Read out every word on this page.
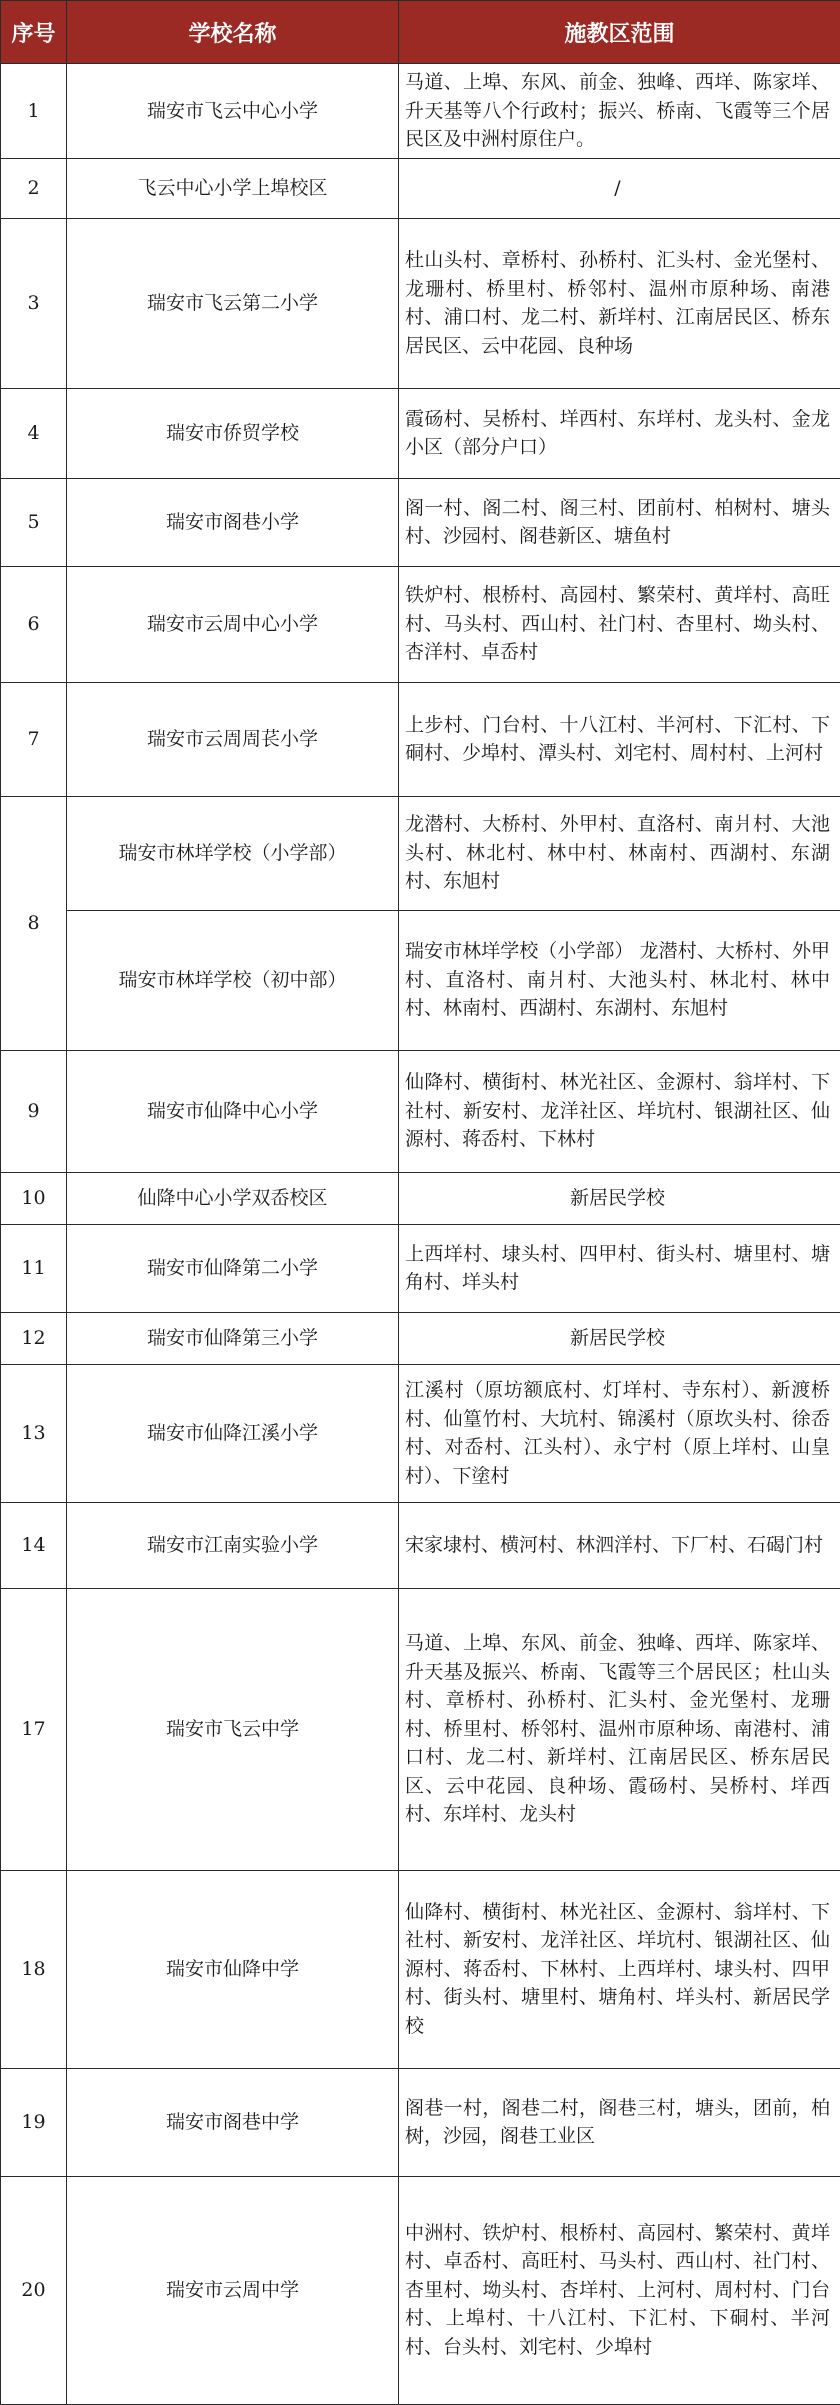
序号	学校名称	施教区范围
1	瑞安市飞云中心小学	马道、上埠、东风、前金、独峰、西垟、陈家垟、升天基等八个行政村；振兴、桥南、飞霞等三个居民区及中洲村原住户。
2	飞云中心小学上埠校区	/
3	瑞安市飞云第二小学	杜山头村、章桥村、孙桥村、汇头村、金光堡村、龙珊村、桥里村、桥邻村、温州市原种场、南港村、浦口村、龙二村、新垟村、江南居民区、桥东居民区、云中花园、良种场
4	瑞安市侨贸学校	霞砀村、吴桥村、垟西村、东垟村、龙头村、金龙小区（部分户口）
5	瑞安市阁巷小学	阁一村、阁二村、阁三村、团前村、柏树村、塘头村、沙园村、阁巷新区、塘鱼村
6	瑞安市云周中心小学	铁炉村、根桥村、高园村、繁荣村、黄垟村、高旺村、马头村、西山村、社门村、杏里村、坳头村、杏洋村、卓岙村
7	瑞安市云周周苌小学	上步村、门台村、十八江村、半河村、下汇村、下硐村、少埠村、潭头村、刘宅村、周村村、上河村
8	瑞安市林垟学校（小学部）	龙潜村、大桥村、外甲村、直洛村、南爿村、大池头村、林北村、林中村、林南村、西湖村、东湖村、东旭村
	瑞安市林垟学校（初中部）	瑞安市林垟学校（小学部） 龙潜村、大桥村、外甲村、直洛村、南爿村、大池头村、林北村、林中村、林南村、西湖村、东湖村、东旭村
9	瑞安市仙降中心小学	仙降村、横街村、林光社区、金源村、翁垟村、下社村、新安村、龙洋社区、垟坑村、银湖社区、仙源村、蒋岙村、下林村
10	仙降中心小学双岙校区	新居民学校
11	瑞安市仙降第二小学	上西垟村、埭头村、四甲村、街头村、塘里村、塘角村、垟头村
12	瑞安市仙降第三小学	新居民学校
13	瑞安市仙降江溪小学	江溪村（原坊额底村、灯垟村、寺东村）、新渡桥村、仙篁竹村、大坑村、锦溪村（原坎头村、徐岙村、对岙村、江头村）、永宁村（原上垟村、山皇村）、下塗村
14	瑞安市江南实验小学	宋家埭村、横河村、林泗洋村、下厂村、石碣门村
17	瑞安市飞云中学	马道、上埠、东风、前金、独峰、西垟、陈家垟、升天基及振兴、桥南、飞霞等三个居民区；杜山头村、章桥村、孙桥村、汇头村、金光堡村、龙珊村、桥里村、桥邻村、温州市原种场、南港村、浦口村、龙二村、新垟村、江南居民区、桥东居民区、云中花园、良种场、霞砀村、吴桥村、垟西村、东垟村、龙头村
18	瑞安市仙降中学	仙降村、横街村、林光社区、金源村、翁垟村、下社村、新安村、龙洋社区、垟坑村、银湖社区、仙源村、蒋岙村、下林村、上西垟村、埭头村、四甲村、街头村、塘里村、塘角村、垟头村、新居民学校
19	瑞安市阁巷中学	阁巷一村，阁巷二村，阁巷三村，塘头，团前，柏树，沙园，阁巷工业区
20	瑞安市云周中学	中洲村、铁炉村、根桥村、高园村、繁荣村、黄垟村、卓岙村、高旺村、马头村、西山村、社门村、杏里村、坳头村、杏垟村、上河村、周村村、门台村、上埠村、十八江村、下汇村、下硐村、半河村、台头村、刘宅村、少埠村
